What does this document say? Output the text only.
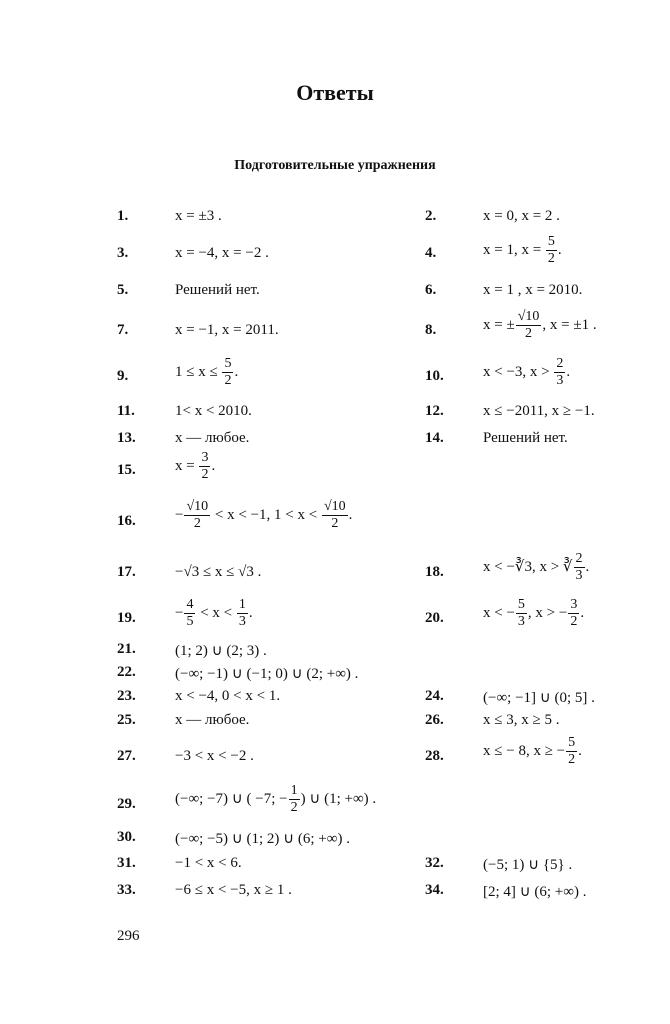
Ответы
Подготовительные упражнения
1.	x = ±3 .	2.	x = 0, x = 2 .
3.	x = −4, x = −2 .	4.	x = 1, $x = \frac{5}{2}$ .
5.	Решений нет.	6.	x = 1 , x = 2010.
7.	x = −1, x = 2011.	8.	x = ± $\frac{√10}{2}$ , x = ±1 .
9.	$1 \le x \le \frac{5}{2}$ .	10.	x < −3, $x > \frac{2}{3}$ .
11.	1< x < 2010.	12.	x ≤ −2011, x ≥ −1.
13.	x — любое.	14.	Решений нет.
15.	$x = \frac{3}{2}$ .
16.	− $\frac{√10}{2} < x < -1$, $1 < x < \frac{√10}{2}$ .
17.	−√3 ≤ x ≤ √3 .	18.	x < −∛3, x > ∛ $\frac{2}{3}$ .
19.	− $\frac{4}{5} < x < \frac{1}{3}$ .	20.	x < − $\frac{5}{3}$ , x > − $\frac{3}{2}$ .
21.	(1; 2) ∪ (2; 3) .
22.	(−∞; −1) ∪ (−1; 0) ∪ (2; +∞) .
23.	x < −4, 0 < x < 1.	24.	(−∞; −1] ∪ (0; 5] .
25.	x — любое.	26.	x ≤ 3, x ≥ 5 .
27.	−3 < x < −2 .	28.	x ≤ − 8, x ≥ − $\frac{5}{2}$ .
29.	(−∞; −7) ∪ ( −7; − $\frac{1}{2}$ ) ∪ (1; +∞) .
30.	(−∞; −5) ∪ (1; 2) ∪ (6; +∞) .
31.	−1 < x < 6.	32.	(−5; 1) ∪ {5} .
33.	−6 ≤ x < −5, x ≥ 1 .	34.	[2; 4] ∪ (6; +∞) .
296
